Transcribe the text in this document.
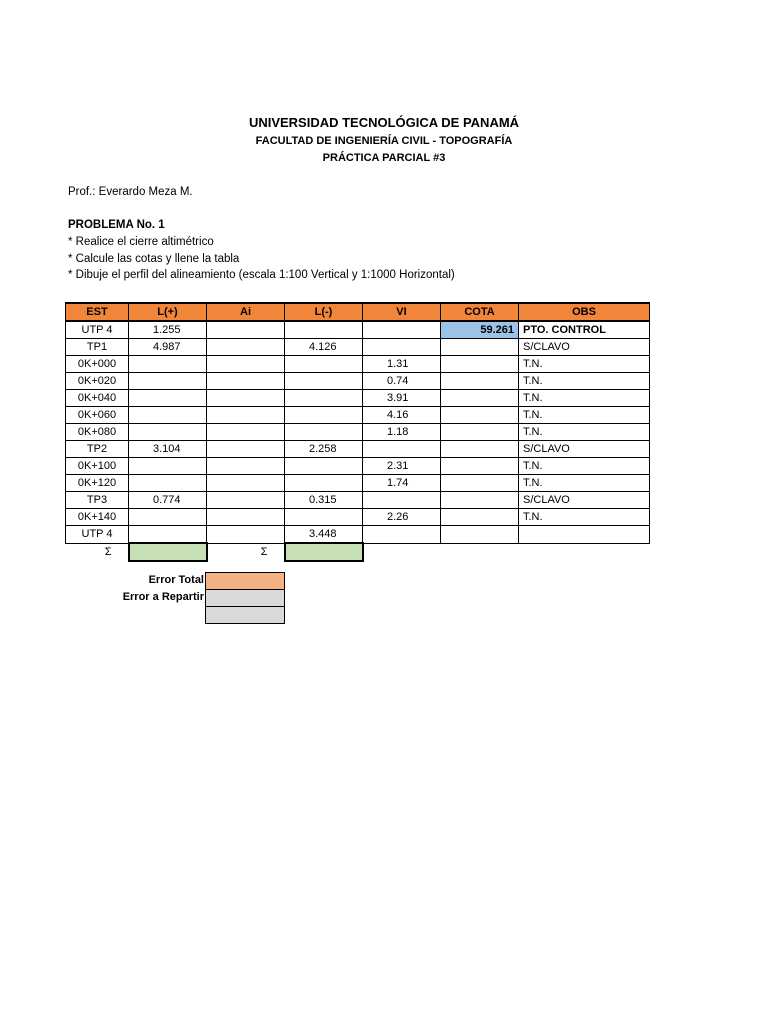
UNIVERSIDAD TECNOLÓGICA DE PANAMÁ
FACULTAD DE INGENIERÍA CIVIL - TOPOGRAFÍA
PRÁCTICA PARCIAL #3
Prof.: Everardo Meza M.
PROBLEMA No. 1
* Realice el cierre altimétrico
* Calcule las cotas y llene la tabla
* Dibuje el perfil del alineamiento (escala 1:100 Vertical y 1:1000 Horizontal)
EST	L(+)	Ai	L(-)	VI	COTA	OBS
UTP 4	1.255				59.261	PTO. CONTROL
TP1	4.987		4.126			S/CLAVO
0K+000				1.31		T.N.
0K+020				0.74		T.N.
0K+040				3.91		T.N.
0K+060				4.16		T.N.
0K+080				1.18		T.N.
TP2	3.104		2.258			S/CLAVO
0K+100				2.31		T.N.
0K+120				1.74		T.N.
TP3	0.774		0.315			S/CLAVO
0K+140				2.26		T.N.
UTP 4			3.448			
Σ		Σ				
Error Total
Error a Repartir
